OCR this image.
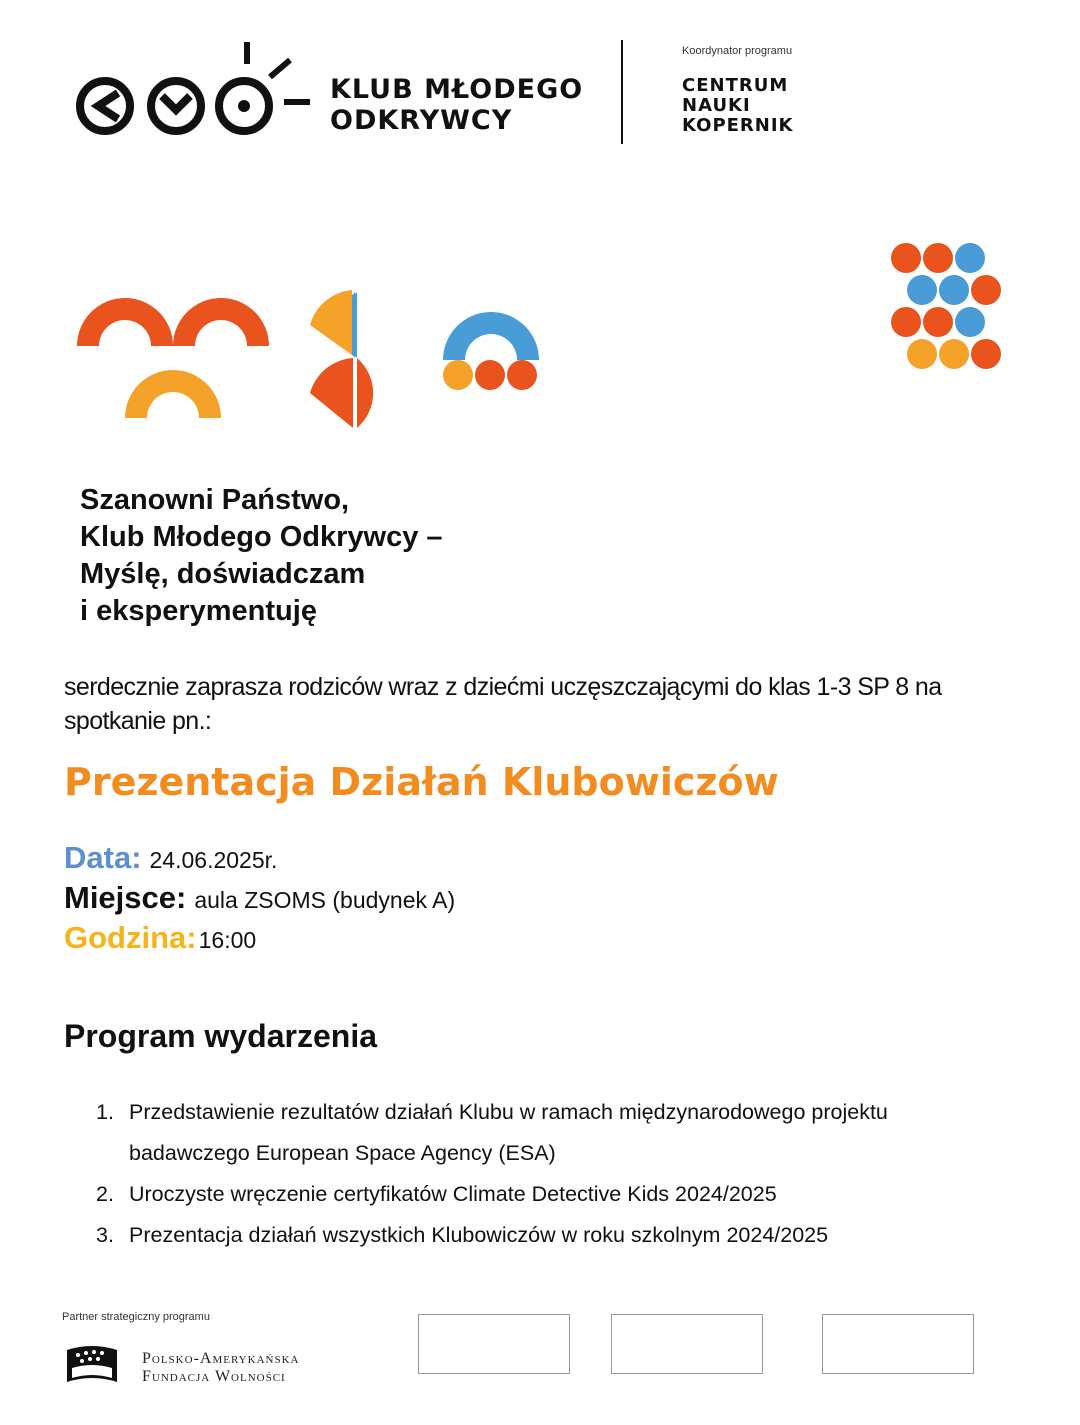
KLUB MŁODEGO
ODKRYWCY
Koordynator programu
CENTRUM
NAUKI
KOPERNIK
Szanowni Państwo,
Klub Młodego Odkrywcy –
Myślę, doświadczam
i eksperymentuję
serdecznie zaprasza rodziców wraz z dziećmi uczęszczającymi do klas 1-3 SP 8 na spotkanie pn.:
Prezentacja Działań Klubowiczów
Data: 24.06.2025r.
Miejsce: aula ZSOMS (budynek A)
Godzina:16:00
Program wydarzenia
1. Przedstawienie rezultatów działań Klubu w ramach międzynarodowego projektu badawczego European Space Agency (ESA)
2. Uroczyste wręczenie certyfikatów Climate Detective Kids 2024/2025
3. Prezentacja działań wszystkich Klubowiczów w roku szkolnym 2024/2025
Partner strategiczny programu
Polsko-Amerykańska
Fundacja Wolności
